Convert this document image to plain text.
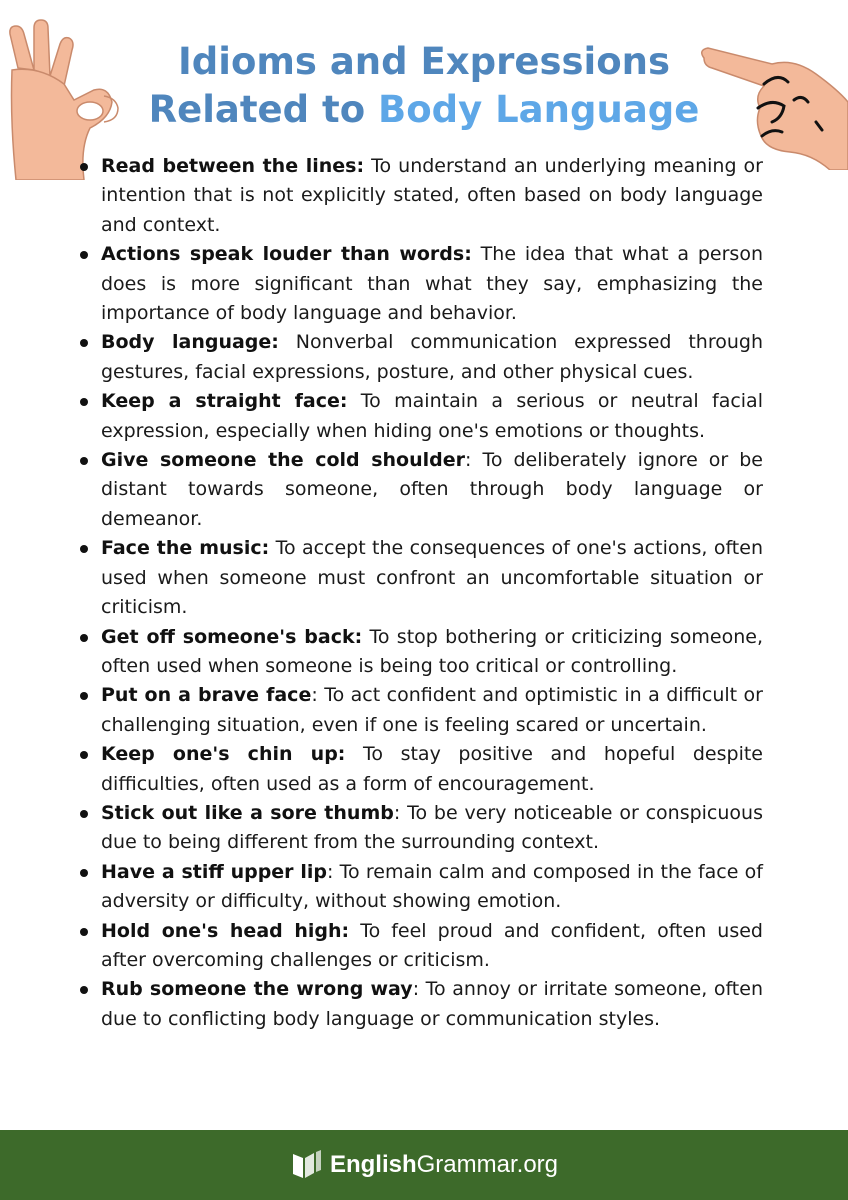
Idioms and Expressions
Related to Body Language
Read between the lines: To understand an underlying meaning or intention that is not explicitly stated, often based on body language and context.
Actions speak louder than words: The idea that what a person does is more significant than what they say, emphasizing the importance of body language and behavior.
Body language: Nonverbal communication expressed through gestures, facial expressions, posture, and other physical cues.
Keep a straight face: To maintain a serious or neutral facial expression, especially when hiding one's emotions or thoughts.
Give someone the cold shoulder: To deliberately ignore or be distant towards someone, often through body language or demeanor.
Face the music: To accept the consequences of one's actions, often used when someone must confront an uncomfortable situation or criticism.
Get off someone's back: To stop bothering or criticizing someone, often used when someone is being too critical or controlling.
Put on a brave face: To act confident and optimistic in a difficult or challenging situation, even if one is feeling scared or uncertain.
Keep one's chin up: To stay positive and hopeful despite difficulties, often used as a form of encouragement.
Stick out like a sore thumb: To be very noticeable or conspicuous due to being different from the surrounding context.
Have a stiff upper lip: To remain calm and composed in the face of adversity or difficulty, without showing emotion.
Hold one's head high: To feel proud and confident, often used after overcoming challenges or criticism.
Rub someone the wrong way: To annoy or irritate someone, often due to conflicting body language or communication styles.
EnglishGrammar.org
